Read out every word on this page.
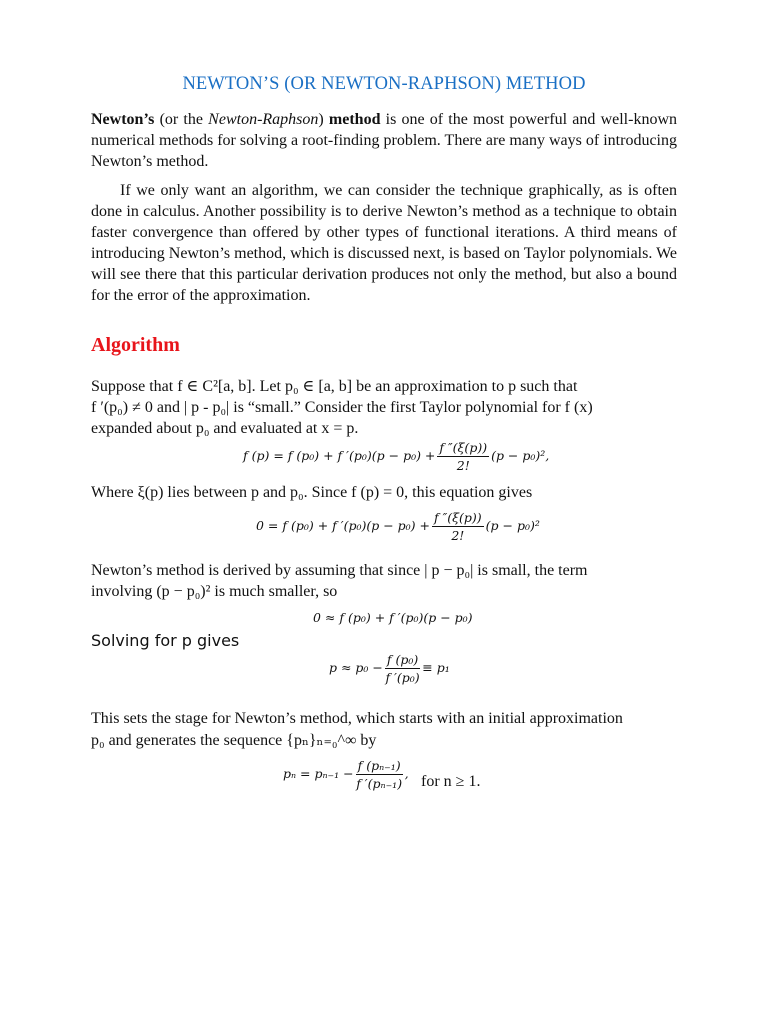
NEWTON’S (OR NEWTON-RAPHSON) METHOD

Newton’s (or the Newton-Raphson) method is one of the most powerful and well-known numerical methods for solving a root-finding problem. There are many ways of introducing Newton’s method.

If we only want an algorithm, we can consider the technique graphically, as is often done in calculus. Another possibility is to derive Newton’s method as a technique to obtain faster convergence than offered by other types of functional iterations. A third means of introducing Newton’s method, which is discussed next, is based on Taylor polynomials. We will see there that this particular derivation produces not only the method, but also a bound for the error of the approximation.

Algorithm
Suppose that f ∈ C²[a, b]. Let p₀ ∈ [a, b] be an approximation to p such that
f ′(p₀) ≠ 0 and | p - p₀| is “small.” Consider the first Taylor polynomial for f (x)
expanded about p₀ and evaluated at x = p.
f (p) = f (p₀) + f $'(p_0)(p - p_0) + \frac{f ''(\xi(p))}{2!} (p - p_0)^2$,
Where ξ(p) lies between p and p₀. Since f (p) = 0, this equation gives
0 = f (p₀) + f $'(p_0)(p - p_0) + \frac{f ''(\xi(p))}{2!} (p - p_0)^2$
Newton’s method is derived by assuming that since | p − p₀| is small, the term
involving (p − p₀)² is much smaller, so
0 ≈ f (p₀) + f ′(p₀)(p − p₀)
Solving for p gives
$p \approx p_0 - \frac{\text{f (p₀)}}{\text{f ′(p₀)}} \equiv p_1$
This sets the stage for Newton’s method, which starts with an initial approximation
p₀ and generates the sequence {pₙ}ₙ₌₀^∞ by
$p_n = p_{n-1} - \frac{\text{f (pₙ₋₁)}}{\text{f ′(pₙ₋₁)}}$ , for n ≥ 1.
